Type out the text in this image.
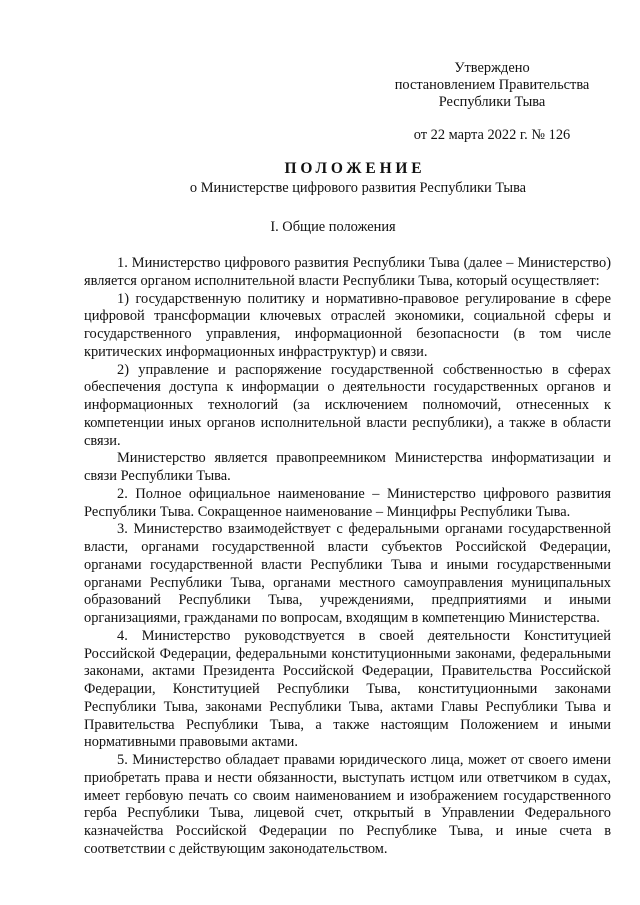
Утверждено
постановлением Правительства
Республики Тыва
от 22 марта 2022 г. № 126
ПОЛОЖЕНИЕ
о Министерстве цифрового развития Республики Тыва
I. Общие положения

1. Министерство цифрового развития Республики Тыва (далее – Министерство) является органом исполнительной власти Республики Тыва, который осуществляет:

1) государственную политику и нормативно-правовое регулирование в сфере цифровой трансформации ключевых отраслей экономики, социальной сферы и государственного управления, информационной безопасности (в том числе критических информационных инфраструктур) и связи.

2) управление и распоряжение государственной собственностью в сферах обеспечения доступа к информации о деятельности государственных органов и информационных технологий (за исключением полномочий, отнесенных к компетенции иных органов исполнительной власти республики), а также в области связи.

Министерство является правопреемником Министерства информатизации и связи Республики Тыва.

2. Полное официальное наименование – Министерство цифрового развития Республики Тыва. Сокращенное наименование – Минцифры Республики Тыва.

3. Министерство взаимодействует с федеральными органами государственной власти, органами государственной власти субъектов Российской Федерации, органами государственной власти Республики Тыва и иными государственными органами Республики Тыва, органами местного самоуправления муниципальных образований Республики Тыва, учреждениями, предприятиями и иными организациями, гражданами по вопросам, входящим в компетенцию Министерства.

4. Министерство руководствуется в своей деятельности Конституцией Российской Федерации, федеральными конституционными законами, федеральными законами, актами Президента Российской Федерации, Правительства Российской Федерации, Конституцией Республики Тыва, конституционными законами Республики Тыва, законами Республики Тыва, актами Главы Республики Тыва и Правительства Республики Тыва, а также настоящим Положением и иными нормативными правовыми актами.

5. Министерство обладает правами юридического лица, может от своего имени приобретать права и нести обязанности, выступать истцом или ответчиком в судах, имеет гербовую печать со своим наименованием и изображением государственного герба Республики Тыва, лицевой счет, открытый в Управлении Федерального казначейства Российской Федерации по Республике Тыва, и иные счета в соответствии с действующим законодательством.
